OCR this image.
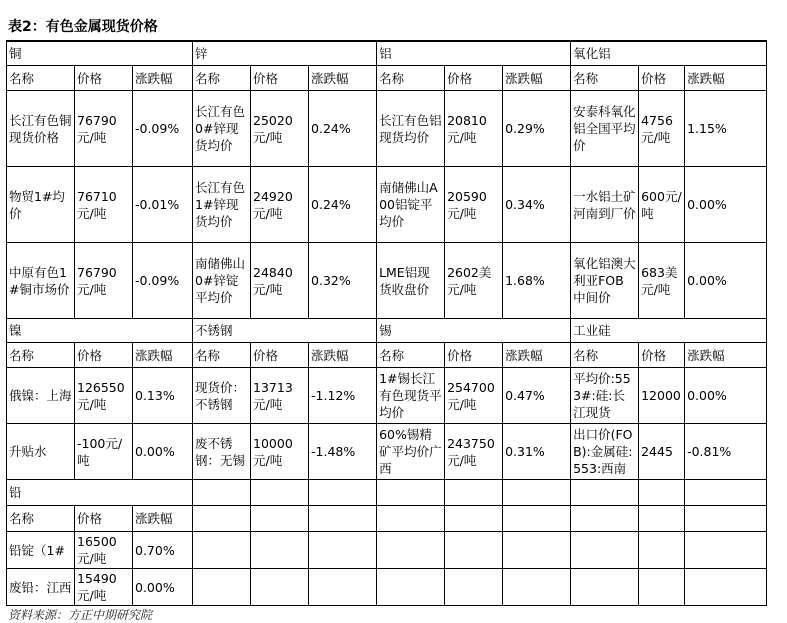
表2：有色金属现货价格
铜			锌			铝			氧化铝		
名称	价格	涨跌幅	名称	价格	涨跌幅	名称	价格	涨跌幅	名称	价格	涨跌幅
长江有色铜现货价格	76790元/吨	-0.09%	长江有色0#锌现货均价	25020元/吨	0.24%	长江有色铝现货均价	20810元/吨	0.29%	安泰科氧化铝全国平均价	4756元/吨	1.15%
物贸1#均价	76710元/吨	-0.01%	长江有色1#锌现货均价	24920元/吨	0.24%	南储佛山A00铝锭平均价	20590元/吨	0.34%	一水铝土矿河南到厂价	600元/吨	0.00%
中原有色1#铜市场价	76790元/吨	-0.09%	南储佛山0#锌锭平均价	24840元/吨	0.32%	LME铝现货收盘价	2602美元/吨	1.68%	氧化铝澳大利亚FOB中间价	683美元/吨	0.00%
镍			不锈钢			锡			工业硅		
名称	价格	涨跌幅	名称	价格	涨跌幅	名称	价格	涨跌幅	名称	价格	涨跌幅
俄镍：上海	126550元/吨	0.13%	现货价：不锈钢	13713元/吨	-1.12%	1#锡长江有色现货平均价	254700元/吨	0.47%	平均价:553#:硅:长江现货	12000	0.00%
升贴水	-100元/吨	0.00%	废不锈钢：无锡	10000元/吨	-1.48%	60%锡精矿平均价广西	243750元/吨	0.31%	出口价(FOB):金属硅:553:西南	2445	-0.81%
铅											
名称	价格	涨跌幅									
铅锭（1#	16500元/吨	0.70%									
废铅：江西	15490元/吨	0.00%									
资料来源：方正中期研究院
